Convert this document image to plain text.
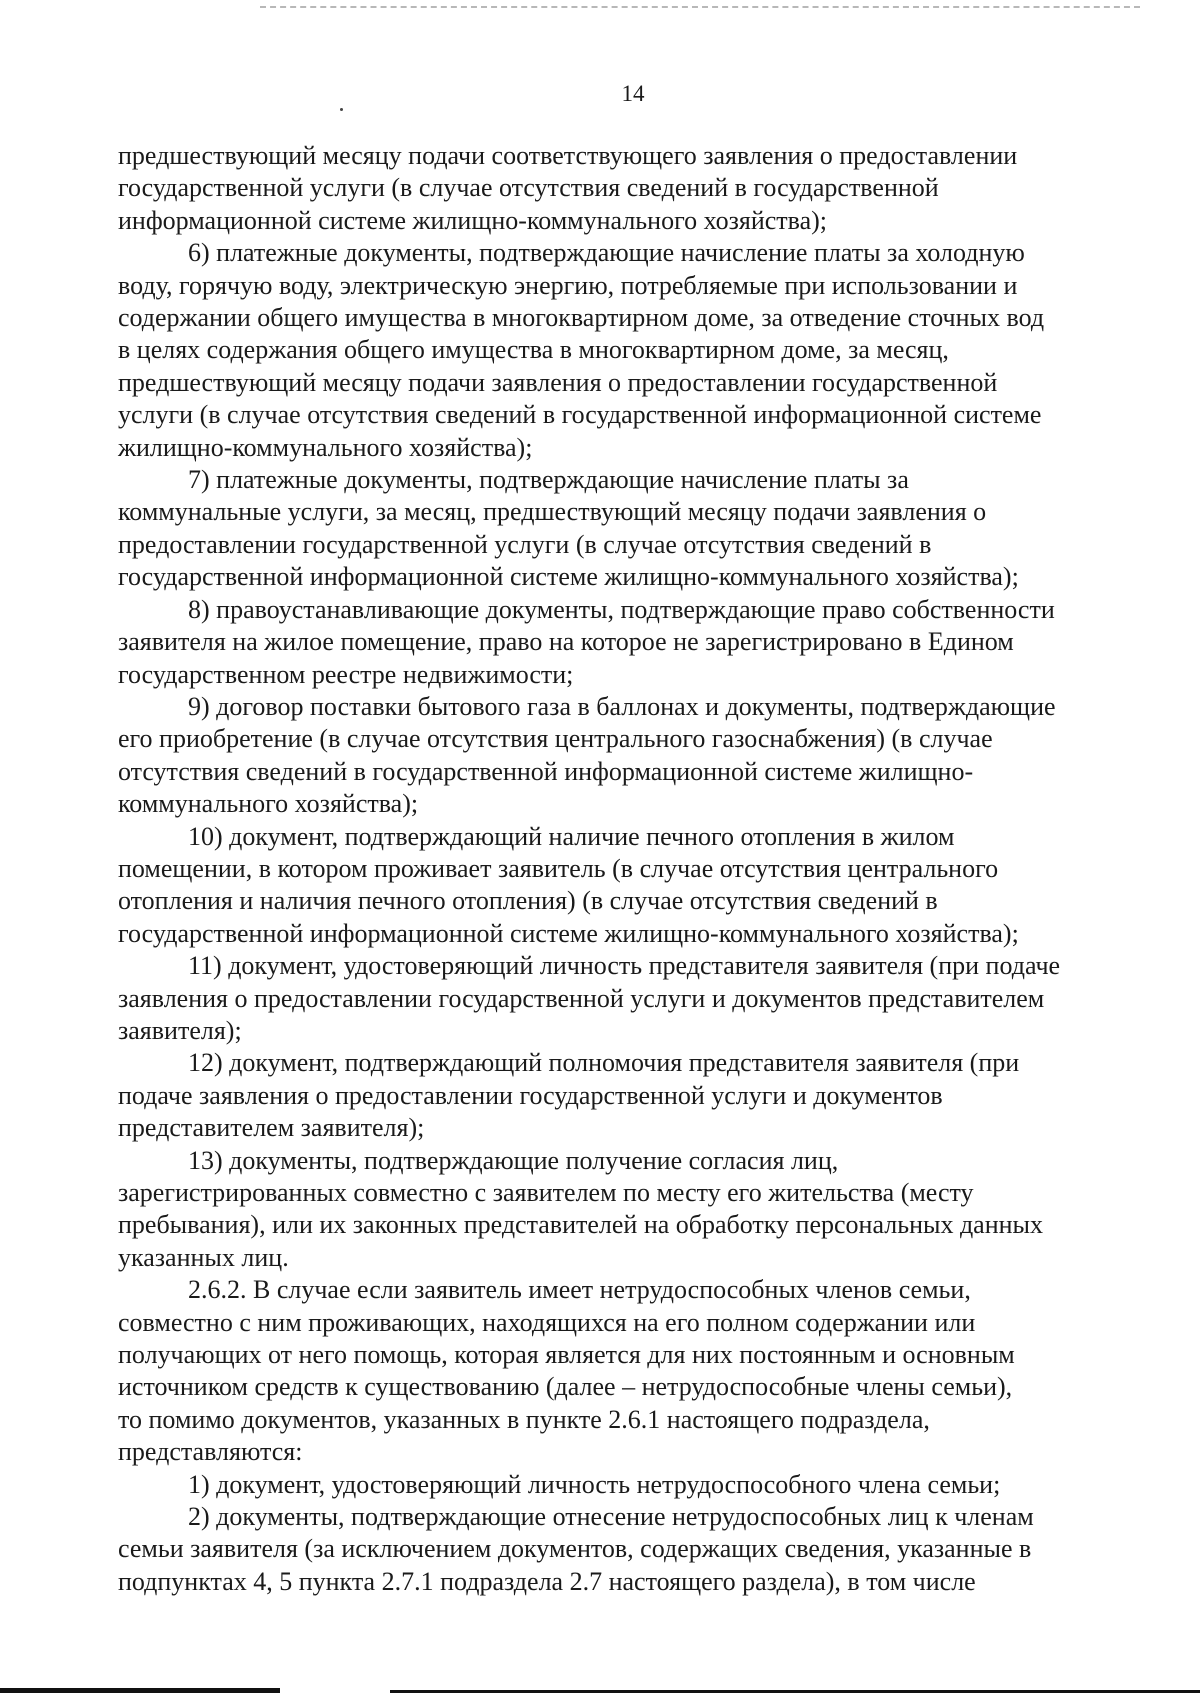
14

предшествующий месяцу подачи соответствующего заявления о предоставлении
государственной услуги (в случае отсутствия сведений в государственной
информационной системе жилищно-коммунального хозяйства);

6) платежные документы, подтверждающие начисление платы за холодную
воду, горячую воду, электрическую энергию, потребляемые при использовании и
содержании общего имущества в многоквартирном доме, за отведение сточных вод
в целях содержания общего имущества в многоквартирном доме, за месяц,
предшествующий месяцу подачи заявления о предоставлении государственной
услуги (в случае отсутствия сведений в государственной информационной системе
жилищно-коммунального хозяйства);

7) платежные документы, подтверждающие начисление платы за
коммунальные услуги, за месяц, предшествующий месяцу подачи заявления о
предоставлении государственной услуги (в случае отсутствия сведений в
государственной информационной системе жилищно-коммунального хозяйства);

8) правоустанавливающие документы, подтверждающие право собственности
заявителя на жилое помещение, право на которое не зарегистрировано в Едином
государственном реестре недвижимости;

9) договор поставки бытового газа в баллонах и документы, подтверждающие
его приобретение (в случае отсутствия центрального газоснабжения) (в случае
отсутствия сведений в государственной информационной системе жилищно-
коммунального хозяйства);

10) документ, подтверждающий наличие печного отопления в жилом
помещении, в котором проживает заявитель (в случае отсутствия центрального
отопления и наличия печного отопления) (в случае отсутствия сведений в
государственной информационной системе жилищно-коммунального хозяйства);

11) документ, удостоверяющий личность представителя заявителя (при подаче
заявления о предоставлении государственной услуги и документов представителем
заявителя);

12) документ, подтверждающий полномочия представителя заявителя (при
подаче заявления о предоставлении государственной услуги и документов
представителем заявителя);

13) документы, подтверждающие получение согласия лиц,
зарегистрированных совместно с заявителем по месту его жительства (месту
пребывания), или их законных представителей на обработку персональных данных
указанных лиц.

2.6.2. В случае если заявитель имеет нетрудоспособных членов семьи,
совместно с ним проживающих, находящихся на его полном содержании или
получающих от него помощь, которая является для них постоянным и основным
источником средств к существованию (далее – нетрудоспособные члены семьи),
то помимо документов, указанных в пункте 2.6.1 настоящего подраздела,
представляются:

1) документ, удостоверяющий личность нетрудоспособного члена семьи;

2) документы, подтверждающие отнесение нетрудоспособных лиц к членам
семьи заявителя (за исключением документов, содержащих сведения, указанные в
подпунктах 4, 5 пункта 2.7.1 подраздела 2.7 настоящего раздела), в том числе
